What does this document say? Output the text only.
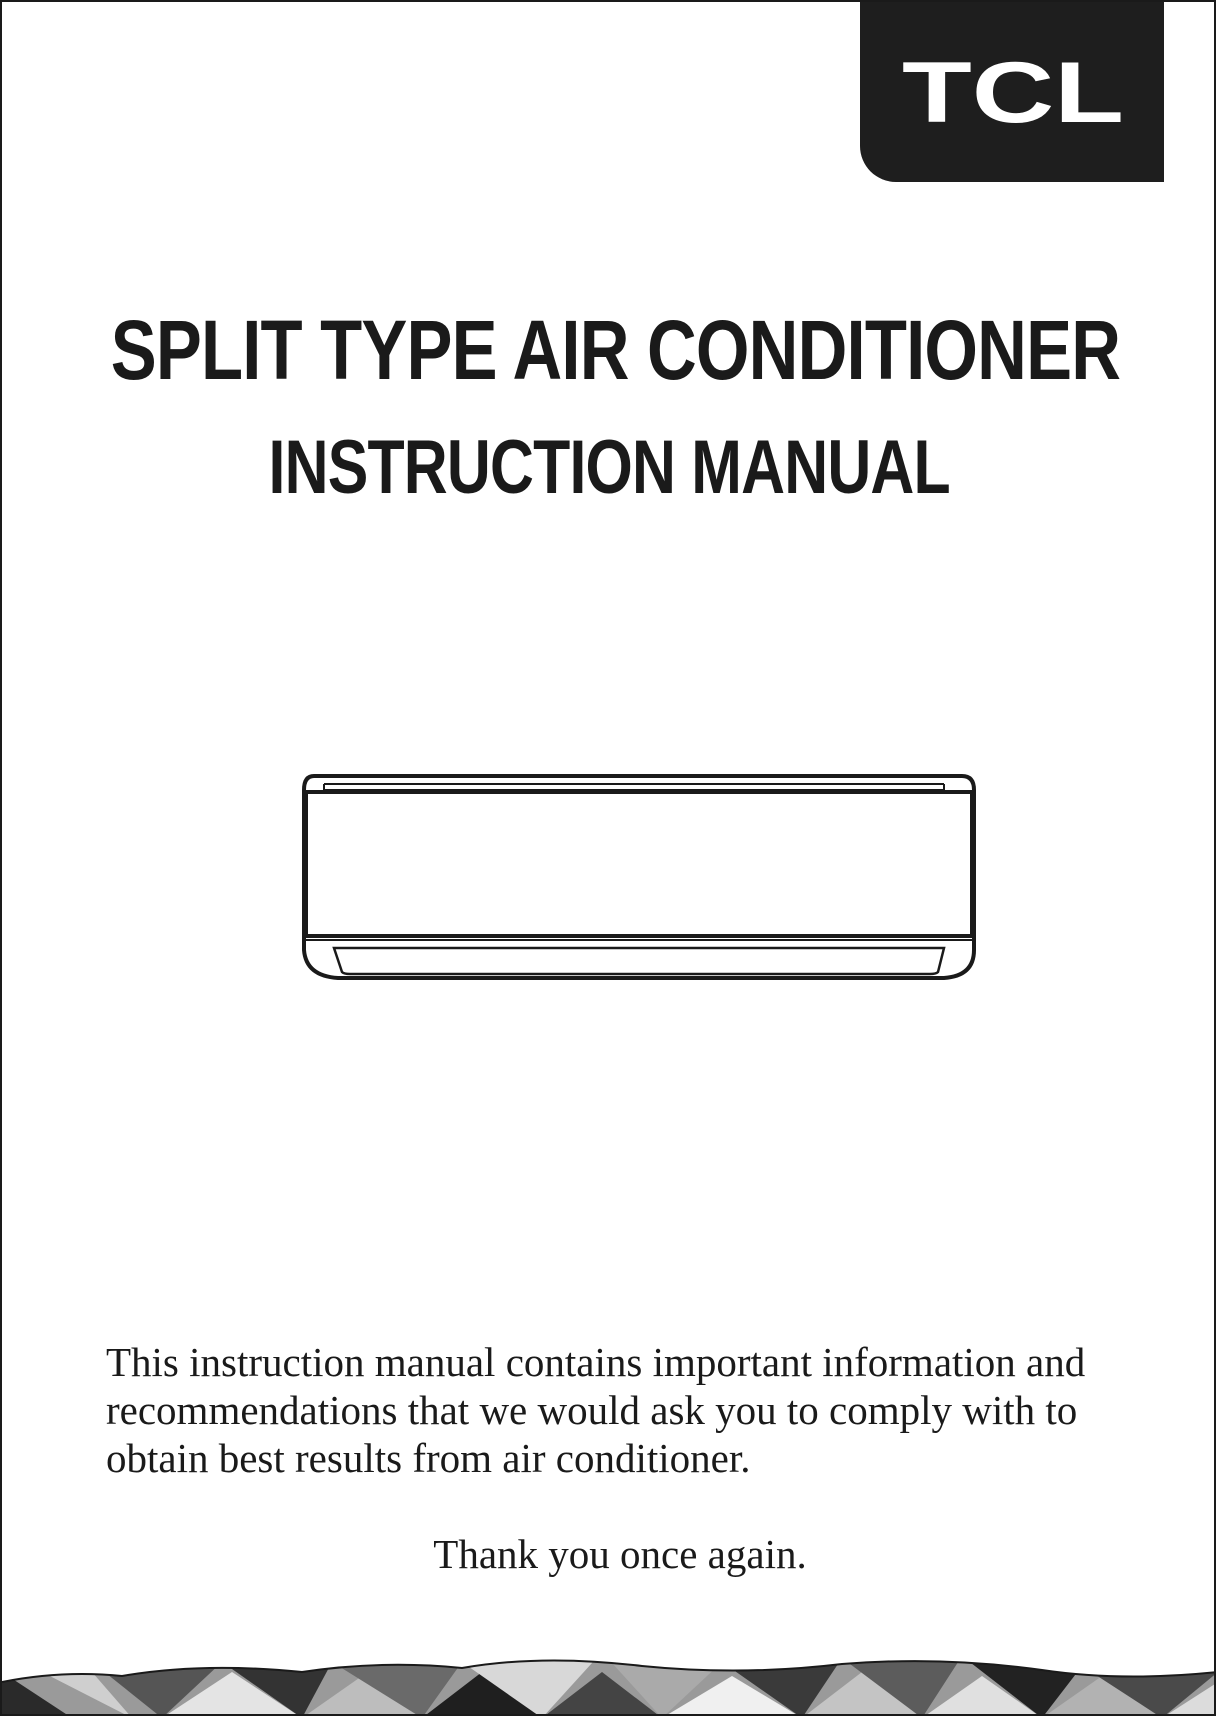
TCL
SPLIT TYPE AIR CONDITIONER
INSTRUCTION MANUAL
This instruction manual contains important information and
recommendations that we would ask you to comply with to
obtain best results from air conditioner.
Thank you once again.
